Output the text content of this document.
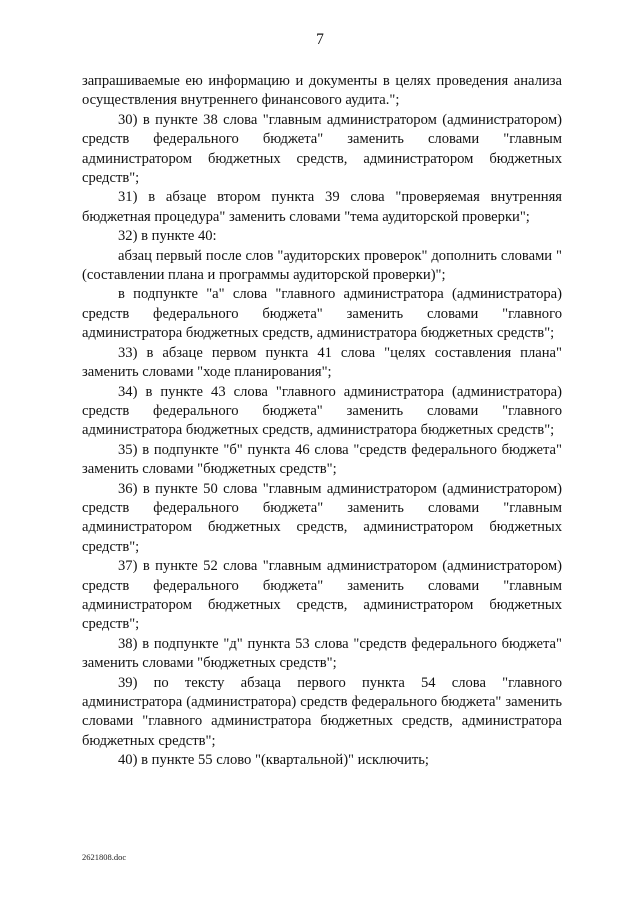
7

запрашиваемые ею информацию и документы в целях проведения анализа осуществления внутреннего финансового аудита.";

30) в пункте 38 слова "главным администратором (администратором) средств федерального бюджета" заменить словами "главным администратором бюджетных средств, администратором бюджетных средств";

31) в абзаце втором пункта 39 слова "проверяемая внутренняя бюджетная процедура" заменить словами "тема аудиторской проверки";

32) в пункте 40:

абзац первый после слов "аудиторских проверок" дополнить словами "(составлении плана и программы аудиторской проверки)";

в подпункте "а" слова "главного администратора (администратора) средств федерального бюджета" заменить словами "главного администратора бюджетных средств, администратора бюджетных средств";

33) в абзаце первом пункта 41 слова "целях составления плана" заменить словами "ходе планирования";

34) в пункте 43 слова "главного администратора (администратора) средств федерального бюджета" заменить словами "главного администратора бюджетных средств, администратора бюджетных средств";

35) в подпункте "б" пункта 46 слова "средств федерального бюджета" заменить словами "бюджетных средств";

36) в пункте 50 слова "главным администратором (администратором) средств федерального бюджета" заменить словами "главным администратором бюджетных средств, администратором бюджетных средств";

37) в пункте 52 слова "главным администратором (администратором) средств федерального бюджета" заменить словами "главным администратором бюджетных средств, администратором бюджетных средств";

38) в подпункте "д" пункта 53 слова "средств федерального бюджета" заменить словами "бюджетных средств";

39) по тексту абзаца первого пункта 54 слова "главного администратора (администратора) средств федерального бюджета" заменить словами "главного администратора бюджетных средств, администратора бюджетных средств";

40) в пункте 55 слово "(квартальной)" исключить;

2621808.doc
